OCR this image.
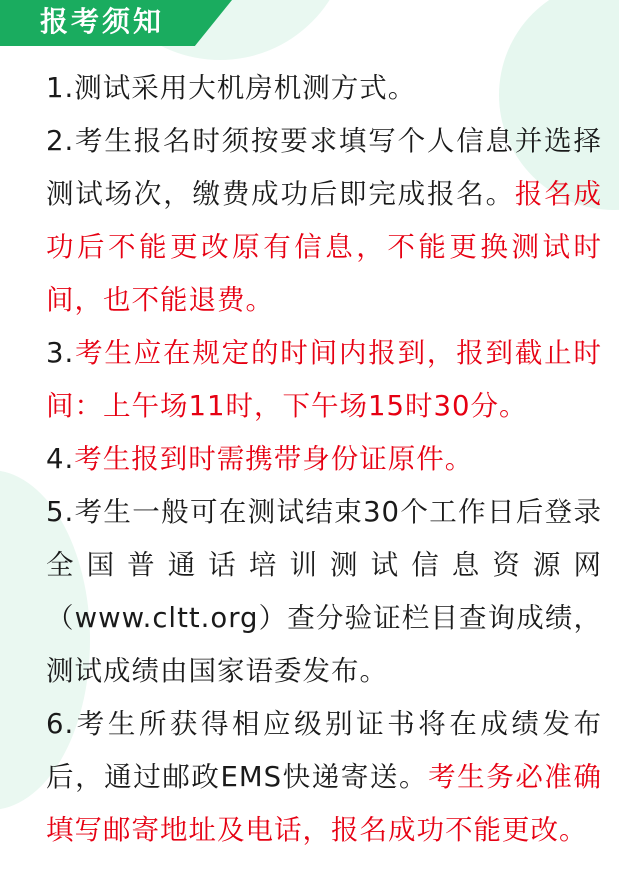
报考须知

1.测试采用大机房机测方式。

2.考生报名时须按要求填写个人信息并选择测试场次，缴费成功后即完成报名。报名成功后不能更改原有信息，不能更换测试时间，也不能退费。

3.考生应在规定的时间内报到，报到截止时间：上午场11时，下午场15时30分。

4.考生报到时需携带身份证原件。

5.考生一般可在测试结束30个工作日后登录全国普通话培训测试信息资源网（www.cltt.org）查分验证栏目查询成绩，测试成绩由国家语委发布。

6.考生所获得相应级别证书将在成绩发布后，通过邮政EMS快递寄送。考生务必准确填写邮寄地址及电话，报名成功不能更改。
